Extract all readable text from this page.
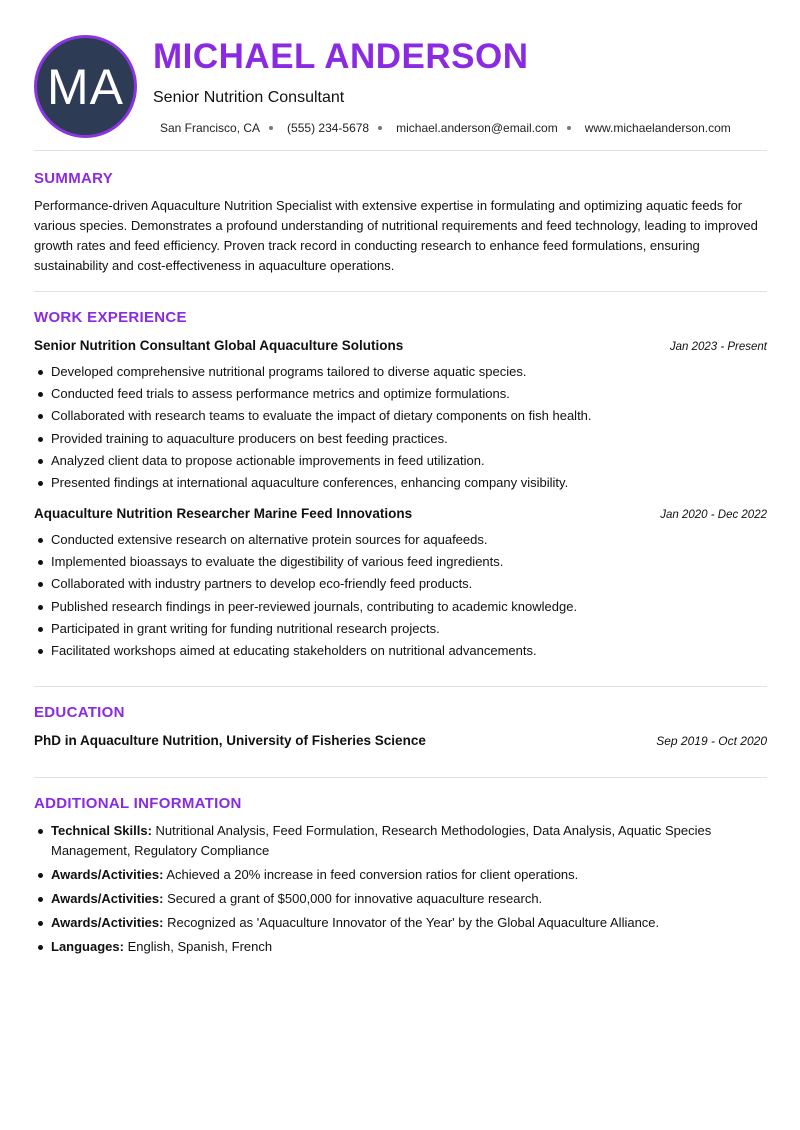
MA
MICHAEL ANDERSON
Senior Nutrition Consultant
San Francisco, CA (555) 234-5678 michael.anderson@email.com www.michaelanderson.com
SUMMARY
Performance-driven Aquaculture Nutrition Specialist with extensive expertise in formulating and optimizing aquatic feeds for various species. Demonstrates a profound understanding of nutritional requirements and feed technology, leading to improved growth rates and feed efficiency. Proven track record in conducting research to enhance feed formulations, ensuring sustainability and cost-effectiveness in aquaculture operations.
WORK EXPERIENCE
Senior Nutrition Consultant Global Aquaculture Solutions	Jan 2023 - Present
Developed comprehensive nutritional programs tailored to diverse aquatic species.
Conducted feed trials to assess performance metrics and optimize formulations.
Collaborated with research teams to evaluate the impact of dietary components on fish health.
Provided training to aquaculture producers on best feeding practices.
Analyzed client data to propose actionable improvements in feed utilization.
Presented findings at international aquaculture conferences, enhancing company visibility.
Aquaculture Nutrition Researcher Marine Feed Innovations	Jan 2020 - Dec 2022
Conducted extensive research on alternative protein sources for aquafeeds.
Implemented bioassays to evaluate the digestibility of various feed ingredients.
Collaborated with industry partners to develop eco-friendly feed products.
Published research findings in peer-reviewed journals, contributing to academic knowledge.
Participated in grant writing for funding nutritional research projects.
Facilitated workshops aimed at educating stakeholders on nutritional advancements.
EDUCATION
PhD in Aquaculture Nutrition, University of Fisheries Science	Sep 2019 - Oct 2020
ADDITIONAL INFORMATION
Technical Skills: Nutritional Analysis, Feed Formulation, Research Methodologies, Data Analysis, Aquatic Species Management, Regulatory Compliance
Awards/Activities: Achieved a 20% increase in feed conversion ratios for client operations.
Awards/Activities: Secured a grant of $500,000 for innovative aquaculture research.
Awards/Activities: Recognized as 'Aquaculture Innovator of the Year' by the Global Aquaculture Alliance.
Languages: English, Spanish, French
